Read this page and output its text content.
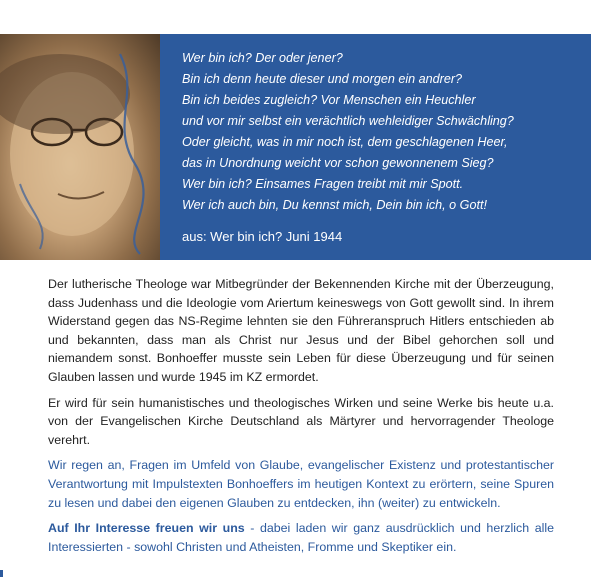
Wer bin ich? Der oder jener?
Bin ich denn heute dieser und morgen ein andrer?
Bin ich beides zugleich? Vor Menschen ein Heuchler
und vor mir selbst ein verächtlich wehleidiger Schwächling?
Oder gleicht, was in mir noch ist, dem geschlagenen Heer,
das in Unordnung weicht vor schon gewonnenem Sieg?
Wer bin ich? Einsames Fragen treibt mit mir Spott.
Wer ich auch bin, Du kennst mich, Dein bin ich, o Gott!
aus: Wer bin ich? Juni 1944

Der lutherische Theologe war Mitbegründer der Bekennenden Kirche mit der Überzeugung, dass Judenhass und die Ideologie vom Ariertum keineswegs von Gott gewollt sind. In ihrem Widerstand gegen das NS-Regime lehnten sie den Führeranspruch Hitlers entschieden ab und bekannten, dass man als Christ nur Jesus und der Bibel gehorchen soll und niemandem sonst. Bonhoeffer musste sein Leben für diese Überzeugung und für seinen Glauben lassen und wurde 1945 im KZ ermordet.

Er wird für sein humanistisches und theologisches Wirken und seine Werke bis heute u.a. von der Evangelischen Kirche Deutschland als Märtyrer und hervorragender Theologe verehrt.

Wir regen an, Fragen im Umfeld von Glaube, evangelischer Existenz und protestantischer Verantwortung mit Impulstexten Bonhoeffers im heutigen Kontext zu erörtern, seine Spuren zu lesen und dabei den eigenen Glauben zu entdecken, ihn (weiter) zu entwickeln.

Auf Ihr Interesse freuen wir uns - dabei laden wir ganz ausdrücklich und herzlich alle Interessierten - sowohl Christen und Atheisten, Fromme und Skeptiker ein.
